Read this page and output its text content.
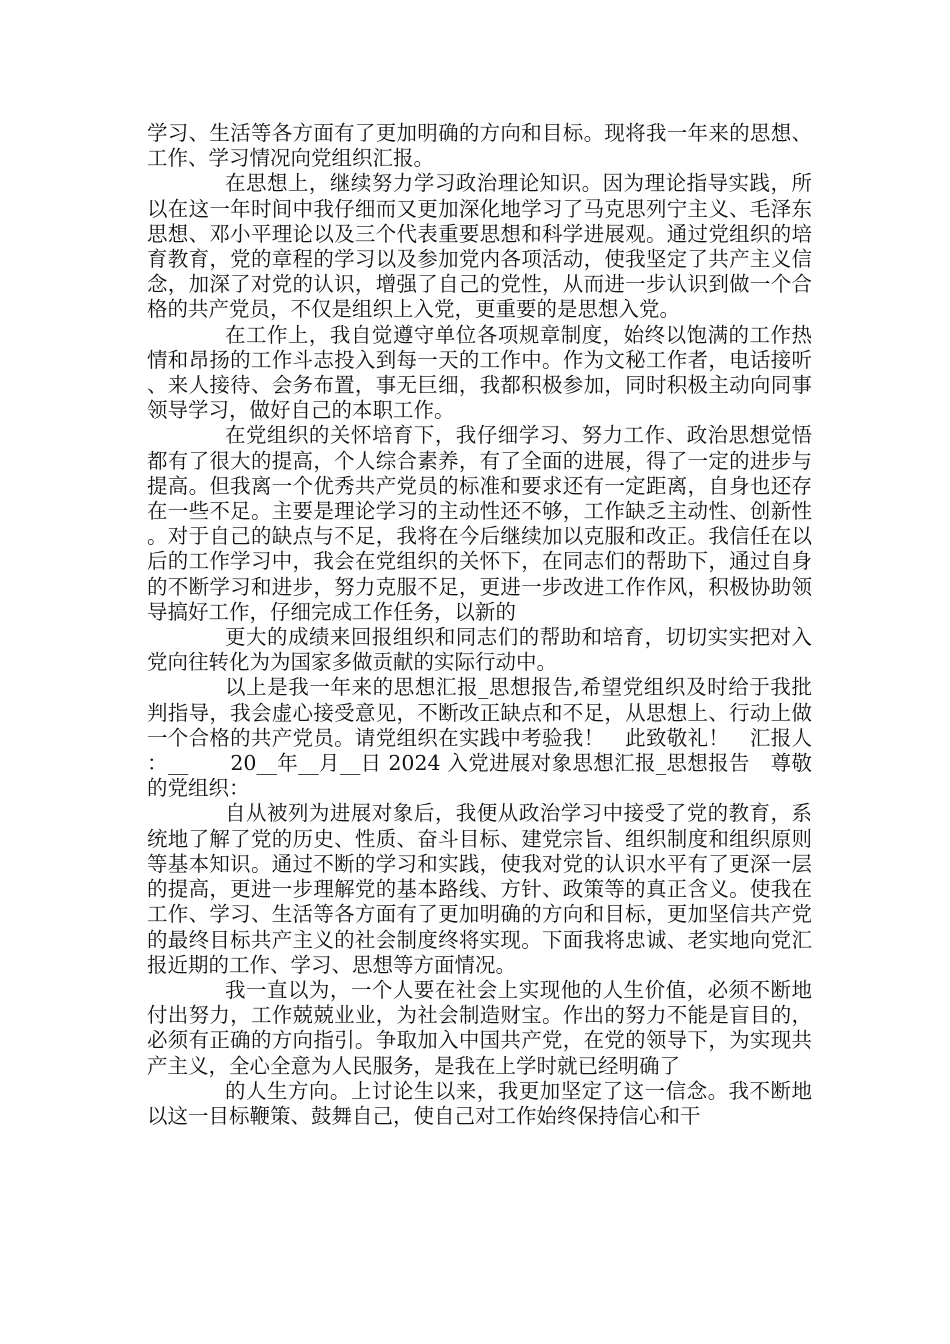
学习、生活等各方面有了更加明确的方向和目标。现将我一年来的思想、工作、学习情况向党组织汇报。

在思想上，继续努力学习政治理论知识。因为理论指导实践，所以在这一年时间中我仔细而又更加深化地学习了马克思列宁主义、毛泽东思想、邓小平理论以及三个代表重要思想和科学进展观。通过党组织的培育教育，党的章程的学习以及参加党内各项活动，使我坚定了共产主义信念，加深了对党的认识，增强了自己的党性，从而进一步认识到做一个合格的共产党员，不仅是组织上入党，更重要的是思想入党。

在工作上，我自觉遵守单位各项规章制度，始终以饱满的工作热情和昂扬的工作斗志投入到每一天的工作中。作为文秘工作者，电话接听、来人接待、会务布置，事无巨细，我都积极参加，同时积极主动向同事领导学习，做好自己的本职工作。

在党组织的关怀培育下，我仔细学习、努力工作、政治思想觉悟都有了很大的提高，个人综合素养，有了全面的进展，得了一定的进步与提高。但我离一个优秀共产党员的标准和要求还有一定距离，自身也还存在一些不足。主要是理论学习的主动性还不够，工作缺乏主动性、创新性。对于自己的缺点与不足，我将在今后继续加以克服和改正。我信任在以后的工作学习中，我会在党组织的关怀下，在同志们的帮助下，通过自身的不断学习和进步，努力克服不足，更进一步改进工作作风，积极协助领导搞好工作，仔细完成工作任务，以新的

更大的成绩来回报组织和同志们的帮助和培育，切切实实把对入党向往转化为为国家多做贡献的实际行动中。

以上是我一年来的思想汇报_思想报告,希望党组织及时给于我批判指导，我会虚心接受意见，不断改正缺点和不足，从思想上、行动上做一个合格的共产党员。请党组织在实践中考验我！　此致敬礼！　汇报人：__　　20__年__月__日 2024 入党进展对象思想汇报_思想报告　尊敬的党组织：

自从被列为进展对象后，我便从政治学习中接受了党的教育，系统地了解了党的历史、性质、奋斗目标、建党宗旨、组织制度和组织原则等基本知识。通过不断的学习和实践，使我对党的认识水平有了更深一层的提高，更进一步理解党的基本路线、方针、政策等的真正含义。使我在工作、学习、生活等各方面有了更加明确的方向和目标，更加坚信共产党的最终目标共产主义的社会制度终将实现。下面我将忠诚、老实地向党汇报近期的工作、学习、思想等方面情况。

我一直以为，一个人要在社会上实现他的人生价值，必须不断地付出努力，工作兢兢业业，为社会制造财宝。作出的努力不能是盲目的，必须有正确的方向指引。争取加入中国共产党，在党的领导下，为实现共产主义，全心全意为人民服务，是我在上学时就已经明确了

的人生方向。上讨论生以来，我更加坚定了这一信念。我不断地以这一目标鞭策、鼓舞自己，使自己对工作始终保持信心和干
